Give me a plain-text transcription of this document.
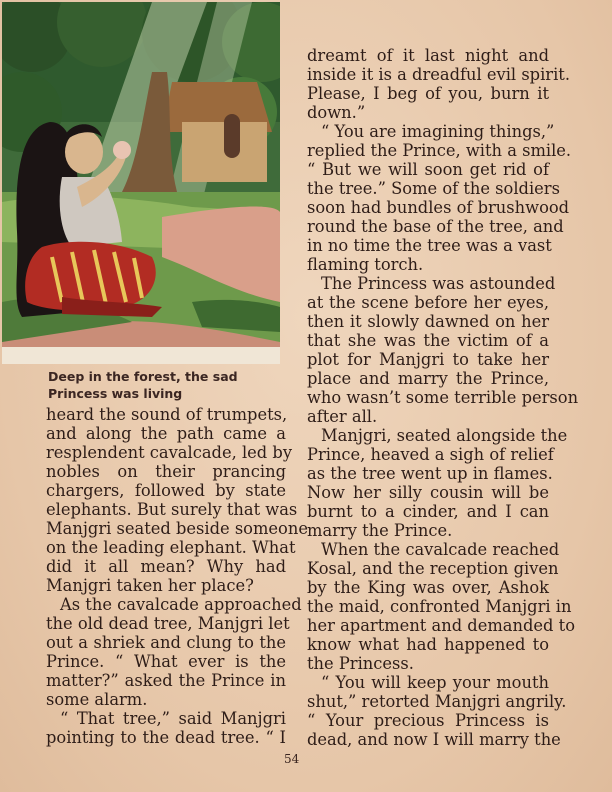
Deep in the forest, the sad
Princess was living
heard the sound of trumpets,
and along the path came a
resplendent cavalcade, led by
nobles on their prancing
chargers, followed by state
elephants. But surely that was
Manjgri seated beside someone
on the leading elephant. What
did it all mean? Why had
Manjgri taken her place?
As the cavalcade approached
the old dead tree, Manjgri let
out a shriek and clung to the
Prince. “ What ever is the
matter?” asked the Prince in
some alarm.
“ That tree,” said Manjgri
pointing to the dead tree. “ I
dreamt of it last night and
inside it is a dreadful evil spirit.
Please, I beg of you, burn it
down.”
“ You are imagining things,”
replied the Prince, with a smile.
“ But we will soon get rid of
the tree.” Some of the soldiers
soon had bundles of brushwood
round the base of the tree, and
in no time the tree was a vast
flaming torch.
The Princess was astounded
at the scene before her eyes,
then it slowly dawned on her
that she was the victim of a
plot for Manjgri to take her
place and marry the Prince,
who wasn’t some terrible person
after all.
Manjgri, seated alongside the
Prince, heaved a sigh of relief
as the tree went up in flames.
Now her silly cousin will be
burnt to a cinder, and I can
marry the Prince.
When the cavalcade reached
Kosal, and the reception given
by the King was over, Ashok
the maid, confronted Manjgri in
her apartment and demanded to
know what had happened to
the Princess.
“ You will keep your mouth
shut,” retorted Manjgri angrily.
“ Your precious Princess is
dead, and now I will marry the
54
